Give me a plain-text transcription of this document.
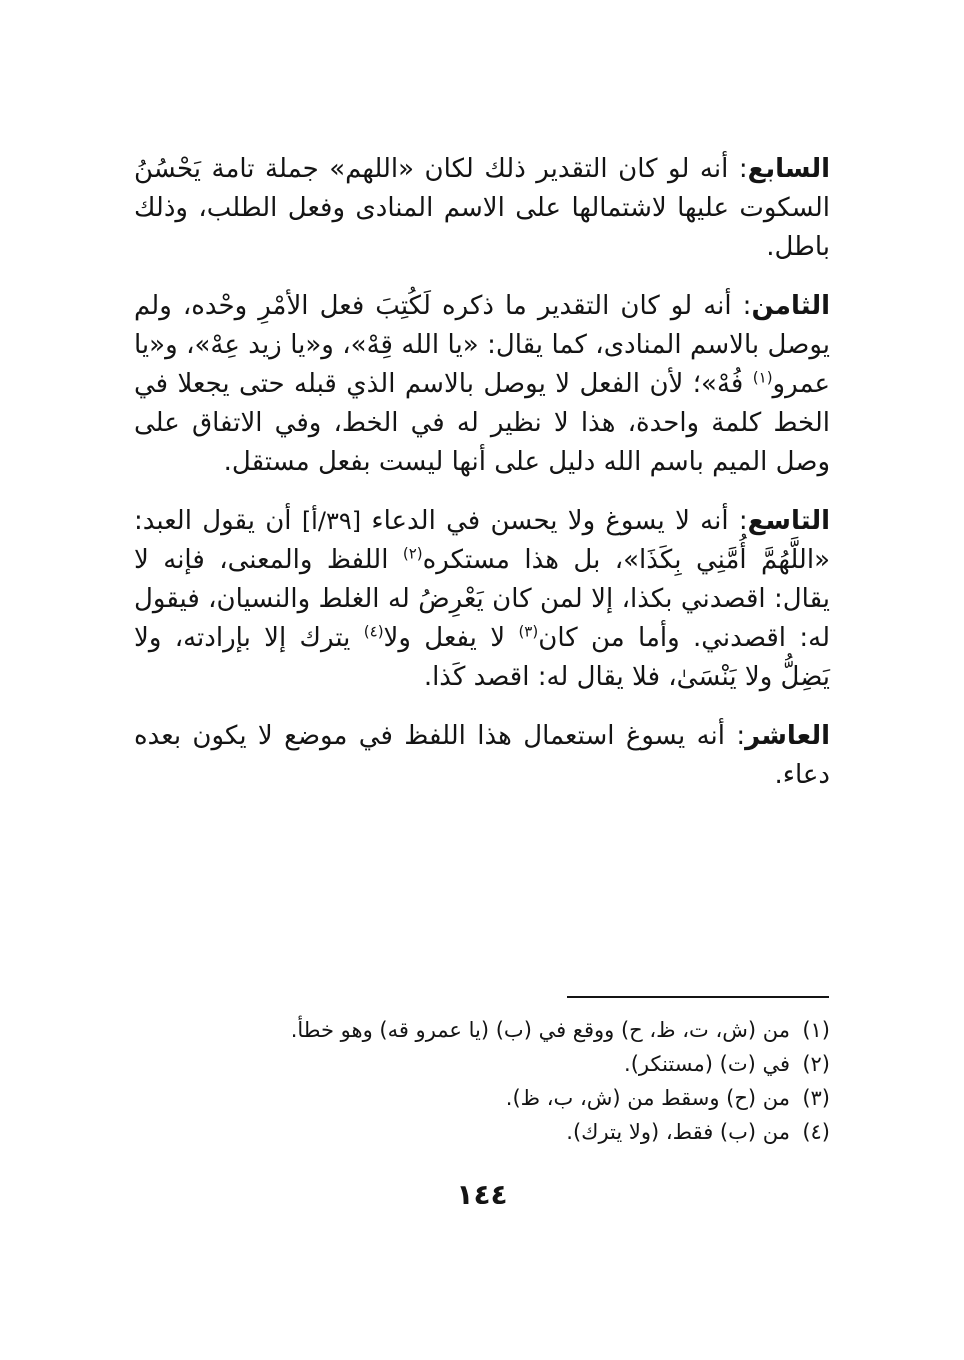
السابع: أنه لو كان التقدير ذلك لكان «اللهم» جملة تامة يَحْسُنُ السكوت عليها لاشتمالها على الاسم المنادى وفعل الطلب، وذلك باطل.

الثامن: أنه لو كان التقدير ما ذكره لَكُتِبَ فعل الأمْرِ وحْده، ولم يوصل بالاسم المنادى، كما يقال: «يا الله قِهْ»، و«يا زيد عِهْ»، و«يا عمرو$^{(١)}$ فُهْ»؛ لأن الفعل لا يوصل بالاسم الذي قبله حتى يجعلا في الخط كلمة واحدة، هذا لا نظير له في الخط، وفي الاتفاق على وصل الميم باسم الله دليل على أنها ليست بفعل مستقل.

التاسع: أنه لا يسوغ ولا يحسن في الدعاء [٣٩/أ] أن يقول العبد: «اللَّهُمَّ أُمَّنِي بِكَذَا»، بل هذا مستكره$^{(٢)}$ اللفظ والمعنى، فإنه لا يقال: اقصدني بكذا، إلا لمن كان يَعْرِضُ له الغلط والنسيان، فيقول له: اقصدني. وأما من كان$^{(٣)}$ لا يفعل ولا$^{(٤)}$ يترك إلا بإرادته، ولا يَضِلُّ ولا يَنْسَىٰ، فلا يقال له: اقصد كَذا.

العاشر: أنه يسوغ استعمال هذا اللفظ في موضع لا يكون بعده دعاء.

(١)من (ش، ت، ظ، ح) ووقع في (ب) (يا عمرو قه) وهو خطأ.
(٢)في (ت) (مستنكر).
(٣)من (ح) وسقط من (ش، ب، ظ).
(٤)من (ب) فقط، (ولا يترك).
١٤٤
